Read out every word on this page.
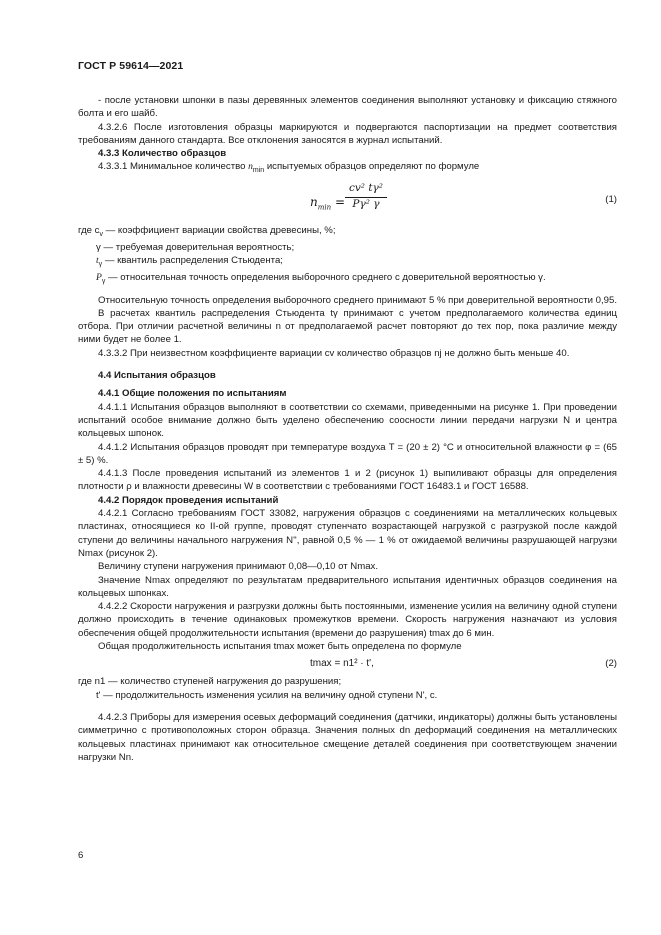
ГОСТ Р 59614—2021

- после установки шпонки в пазы деревянных элементов соединения выполняют установку и фиксацию стяжного болта и его шайб.

4.3.2.6 После изготовления образцы маркируются и подвергаются паспортизации на предмет соответствия требованиям данного стандарта. Все отклонения заносятся в журнал испытаний.

4.3.3 Количество образцов

4.3.3.1 Минимальное количество $n_{min}$ испытуемых образцов определяют по формуле

$n_{min}$ =
cv² tγ²
Pγ² γ	(1)

где $c_v$ — коэффициент вариации свойства древесины, %;

γ — требуемая доверительная вероятность;

$t_\gamma$ — квантиль распределения Стьюдента;

$P_\gamma$ — относительная точность определения выборочного среднего с доверительной вероятностью γ.

Относительную точность определения выборочного среднего принимают 5 % при доверительной вероятности 0,95.

В расчетах квантиль распределения Стьюдента tγ принимают с учетом предполагаемого количества единиц отбора. При отличии расчетной величины n от предполагаемой расчет повторяют до тех пор, пока различие между ними будет не более 1.

4.3.3.2 При неизвестном коэффициенте вариации cv количество образцов nj не должно быть меньше 40.

4.4 Испытания образцов

4.4.1 Общие положения по испытаниям

4.4.1.1 Испытания образцов выполняют в соответствии со схемами, приведенными на рисунке 1. При проведении испытаний особое внимание должно быть уделено обеспечению соосности линии передачи нагрузки N и центра кольцевых шпонок.

4.4.1.2 Испытания образцов проводят при температуре воздуха T = (20 ± 2) °С и относительной влажности φ = (65 ± 5) %.

4.4.1.3 После проведения испытаний из элементов 1 и 2 (рисунок 1) выпиливают образцы для определения плотности ρ и влажности древесины W в соответствии с требованиями ГОСТ 16483.1 и ГОСТ 16588.

4.4.2 Порядок проведения испытаний

4.4.2.1 Согласно требованиям ГОСТ 33082, нагружения образцов с соединениями на металлических кольцевых пластинах, относящиеся ко II-ой группе, проводят ступенчато возрастающей нагрузкой с разгрузкой после каждой ступени до величины начального нагружения N'', равной 0,5 % — 1 % от ожидаемой величины разрушающей нагрузки Nmax (рисунок 2).

Величину ступени нагружения принимают 0,08—0,10 от Nmax.

Значение Nmax определяют по результатам предварительного испытания идентичных образцов соединения на кольцевых шпонках.

4.4.2.2 Скорости нагружения и разгрузки должны быть постоянными, изменение усилия на величину одной ступени должно происходить в течение одинаковых промежутков времени. Скорость нагружения назначают из условия обеспечения общей продолжительности испытания (времени до разрушения) tmax до 6 мин.

Общая продолжительность испытания tmax может быть определена по формуле

tmax = n1² · t',	(2)

где n1 — количество ступеней нагружения до разрушения;

t' — продолжительность изменения усилия на величину одной ступени N', с.

4.4.2.3 Приборы для измерения осевых деформаций соединения (датчики, индикаторы) должны быть установлены симметрично с противоположных сторон образца. Значения полных dn деформаций соединения на металлических кольцевых пластинах принимают как относительное смещение деталей соединения при соответствующем значении нагрузки Nn.

6
